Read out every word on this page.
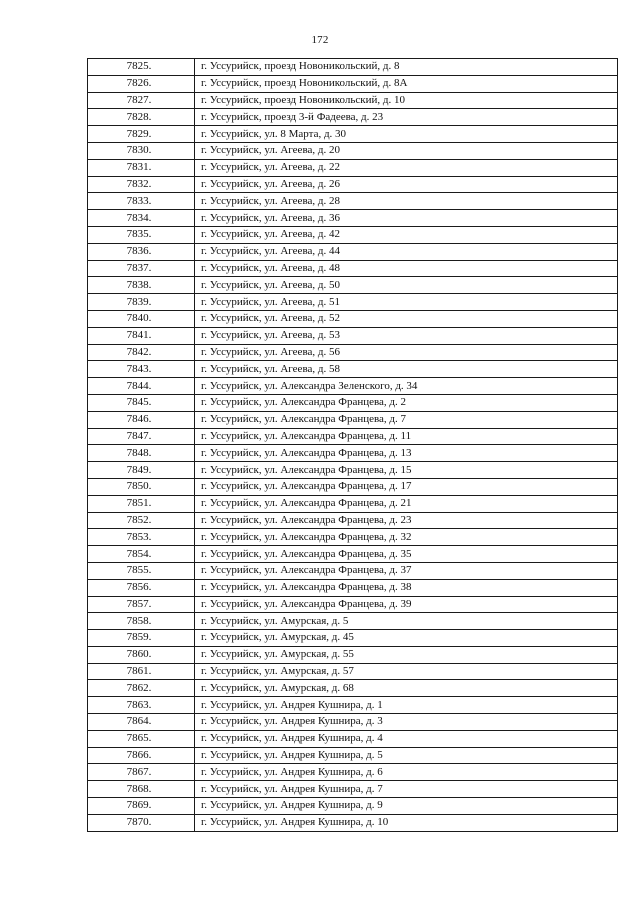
172
7825.	г. Уссурийск, проезд Новоникольский, д. 8
7826.	г. Уссурийск, проезд Новоникольский, д. 8А
7827.	г. Уссурийск, проезд Новоникольский, д. 10
7828.	г. Уссурийск, проезд 3-й Фадеева, д. 23
7829.	г. Уссурийск, ул. 8 Марта, д. 30
7830.	г. Уссурийск, ул. Агеева, д. 20
7831.	г. Уссурийск, ул. Агеева, д. 22
7832.	г. Уссурийск, ул. Агеева, д. 26
7833.	г. Уссурийск, ул. Агеева, д. 28
7834.	г. Уссурийск, ул. Агеева, д. 36
7835.	г. Уссурийск, ул. Агеева, д. 42
7836.	г. Уссурийск, ул. Агеева, д. 44
7837.	г. Уссурийск, ул. Агеева, д. 48
7838.	г. Уссурийск, ул. Агеева, д. 50
7839.	г. Уссурийск, ул. Агеева, д. 51
7840.	г. Уссурийск, ул. Агеева, д. 52
7841.	г. Уссурийск, ул. Агеева, д. 53
7842.	г. Уссурийск, ул. Агеева, д. 56
7843.	г. Уссурийск, ул. Агеева, д. 58
7844.	г. Уссурийск, ул. Александра Зеленского, д. 34
7845.	г. Уссурийск, ул. Александра Францева, д. 2
7846.	г. Уссурийск, ул. Александра Францева, д. 7
7847.	г. Уссурийск, ул. Александра Францева, д. 11
7848.	г. Уссурийск, ул. Александра Францева, д. 13
7849.	г. Уссурийск, ул. Александра Францева, д. 15
7850.	г. Уссурийск, ул. Александра Францева, д. 17
7851.	г. Уссурийск, ул. Александра Францева, д. 21
7852.	г. Уссурийск, ул. Александра Францева, д. 23
7853.	г. Уссурийск, ул. Александра Францева, д. 32
7854.	г. Уссурийск, ул. Александра Францева, д. 35
7855.	г. Уссурийск, ул. Александра Францева, д. 37
7856.	г. Уссурийск, ул. Александра Францева, д. 38
7857.	г. Уссурийск, ул. Александра Францева, д. 39
7858.	г. Уссурийск, ул. Амурская, д. 5
7859.	г. Уссурийск, ул. Амурская, д. 45
7860.	г. Уссурийск, ул. Амурская, д. 55
7861.	г. Уссурийск, ул. Амурская, д. 57
7862.	г. Уссурийск, ул. Амурская, д. 68
7863.	г. Уссурийск, ул. Андрея Кушнира, д. 1
7864.	г. Уссурийск, ул. Андрея Кушнира, д. 3
7865.	г. Уссурийск, ул. Андрея Кушнира, д. 4
7866.	г. Уссурийск, ул. Андрея Кушнира, д. 5
7867.	г. Уссурийск, ул. Андрея Кушнира, д. 6
7868.	г. Уссурийск, ул. Андрея Кушнира, д. 7
7869.	г. Уссурийск, ул. Андрея Кушнира, д. 9
7870.	г. Уссурийск, ул. Андрея Кушнира, д. 10
